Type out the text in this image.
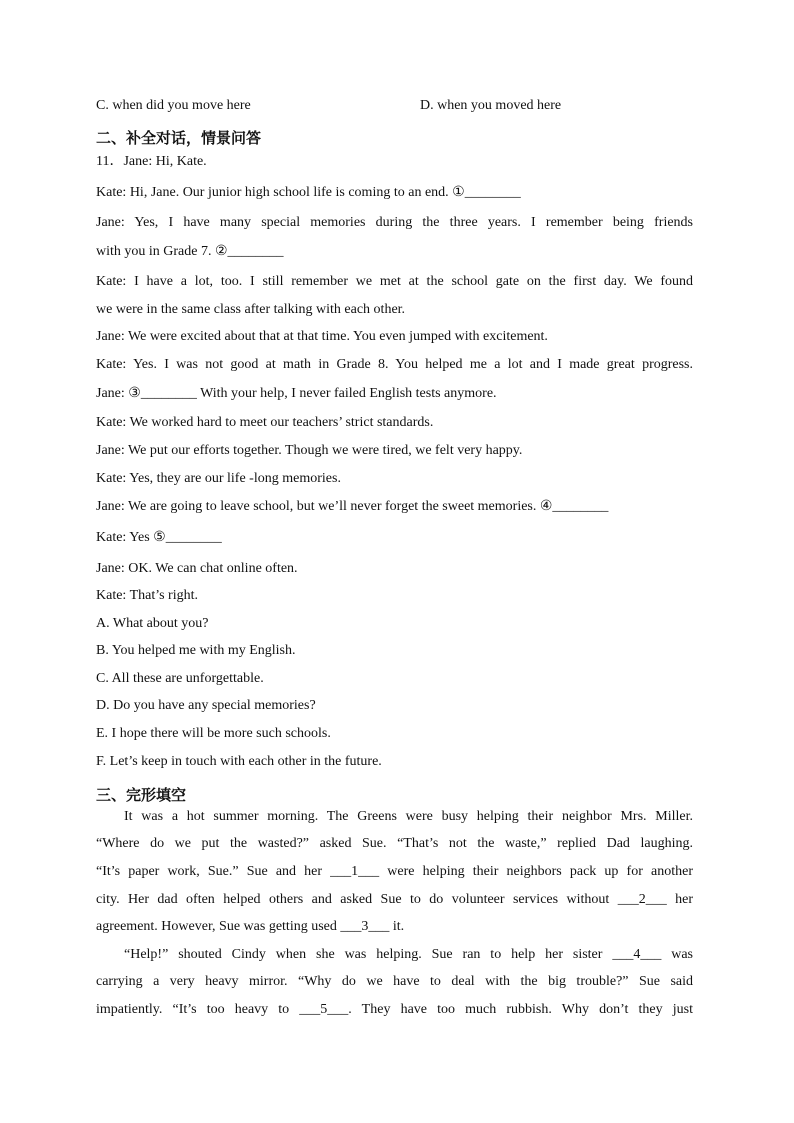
C. when did you move here	D. when you moved here
二、补全对话，情景问答
11．Jane: Hi, Kate.
Kate: Hi, Jane. Our junior high school life is coming to an end. ①________
Jane: Yes, I have many special memories during the three years. I remember being friends
with you in Grade 7. ②________
Kate: I have a lot, too. I still remember we met at the school gate on the first day. We found
we were in the same class after talking with each other.
Jane: We were excited about that at that time. You even jumped with excitement.
Kate: Yes. I was not good at math in Grade 8. You helped me a lot and I made great progress.
Jane: ③________ With your help, I never failed English tests anymore.
Kate: We worked hard to meet our teachers’ strict standards.
Jane: We put our efforts together. Though we were tired, we felt very happy.
Kate: Yes, they are our life -long memories.
Jane: We are going to leave school, but we’ll never forget the sweet memories. ④________
Kate: Yes ⑤________
Jane: OK. We can chat online often.
Kate: That’s right.
A. What about you?
B. You helped me with my English.
C. All these are unforgettable.
D. Do you have any special memories?
E. I hope there will be more such schools.
F. Let’s keep in touch with each other in the future.
三、完形填空
It was a hot summer morning. The Greens were busy helping their neighbor Mrs. Miller.
“Where do we put the wasted?” asked Sue. “That’s not the waste,” replied Dad laughing.
“It’s paper work, Sue.” Sue and her ___1___ were helping their neighbors pack up for another
city. Her dad often helped others and asked Sue to do volunteer services without ___2___ her
agreement. However, Sue was getting used ___3___ it.
“Help!” shouted Cindy when she was helping. Sue ran to help her sister ___4___ was
carrying a very heavy mirror. “Why do we have to deal with the big trouble?” Sue said
impatiently. “It’s too heavy to ___5___. They have too much rubbish. Why don’t they just
